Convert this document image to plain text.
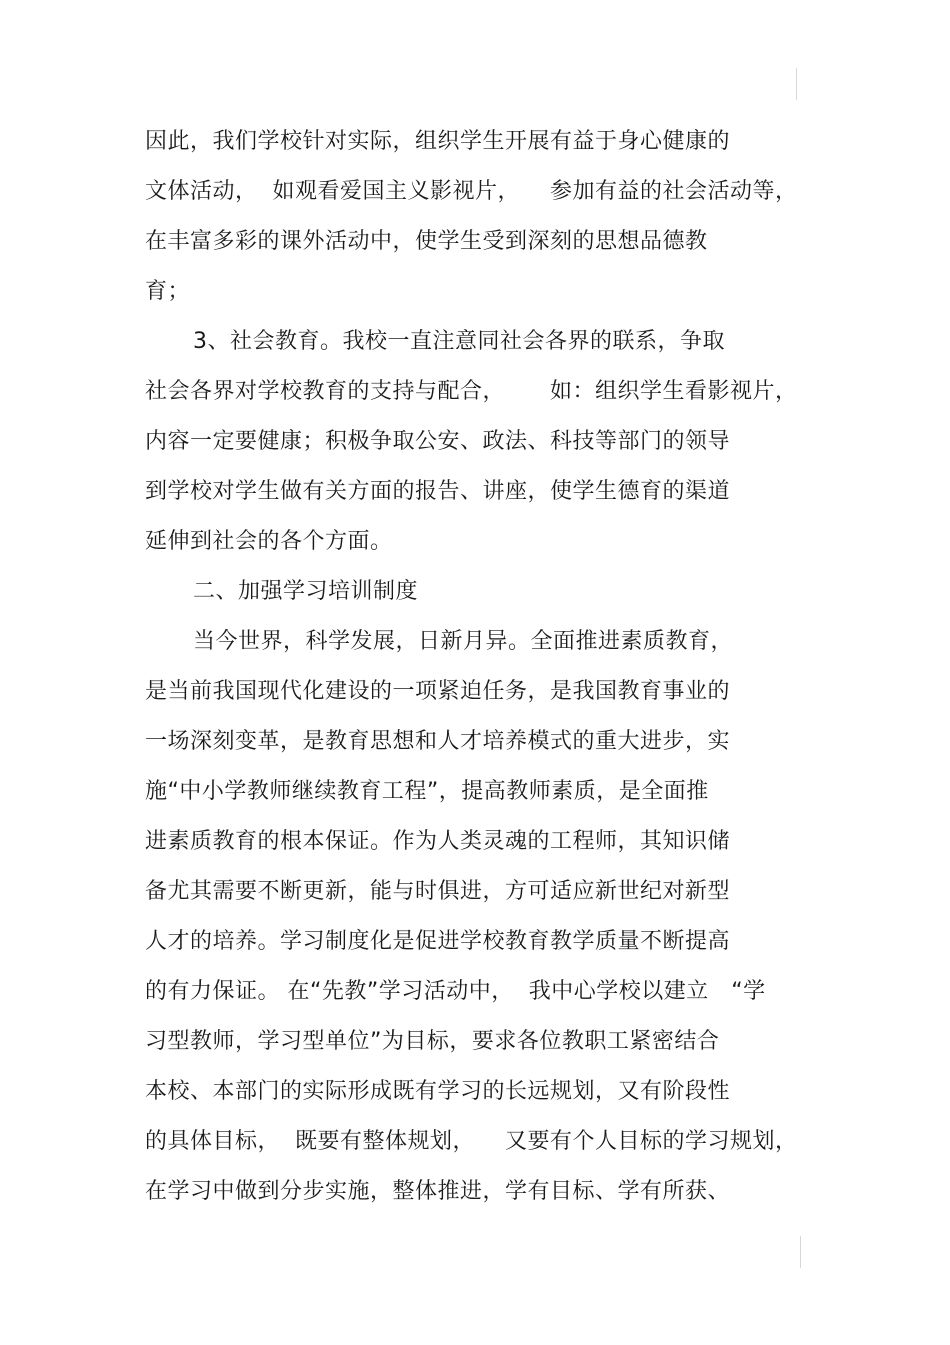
因此，我们学校针对实际，组织学生开展有益于身心健康的
文体活动，  如观看爱国主义影视片，    参加有益的社会活动等，
在丰富多彩的课外活动中，使学生受到深刻的思想品德教
育；
3、社会教育。我校一直注意同社会各界的联系，争取
社会各界对学校教育的支持与配合，      如：组织学生看影视片，
内容一定要健康；积极争取公安、政法、科技等部门的领导
到学校对学生做有关方面的报告、讲座，使学生德育的渠道
延伸到社会的各个方面。
二、加强学习培训制度
当今世界，科学发展，日新月异。全面推进素质教育，
是当前我国现代化建设的一项紧迫任务，是我国教育事业的
一场深刻变革，是教育思想和人才培养模式的重大进步，实
施“中小学教师继续教育工程”，提高教师素质，是全面推
进素质教育的根本保证。作为人类灵魂的工程师，其知识储
备尤其需要不断更新，能与时俱进，方可适应新世纪对新型
人才的培养。学习制度化是促进学校教育教学质量不断提高
的有力保证。 在“先教”学习活动中，  我中心学校以建立   “学
习型教师，学习型单位”为目标，要求各位教职工紧密结合
本校、本部门的实际形成既有学习的长远规划，又有阶段性
的具体目标，  既要有整体规划，    又要有个人目标的学习规划，
在学习中做到分步实施，整体推进，学有目标、学有所获、
